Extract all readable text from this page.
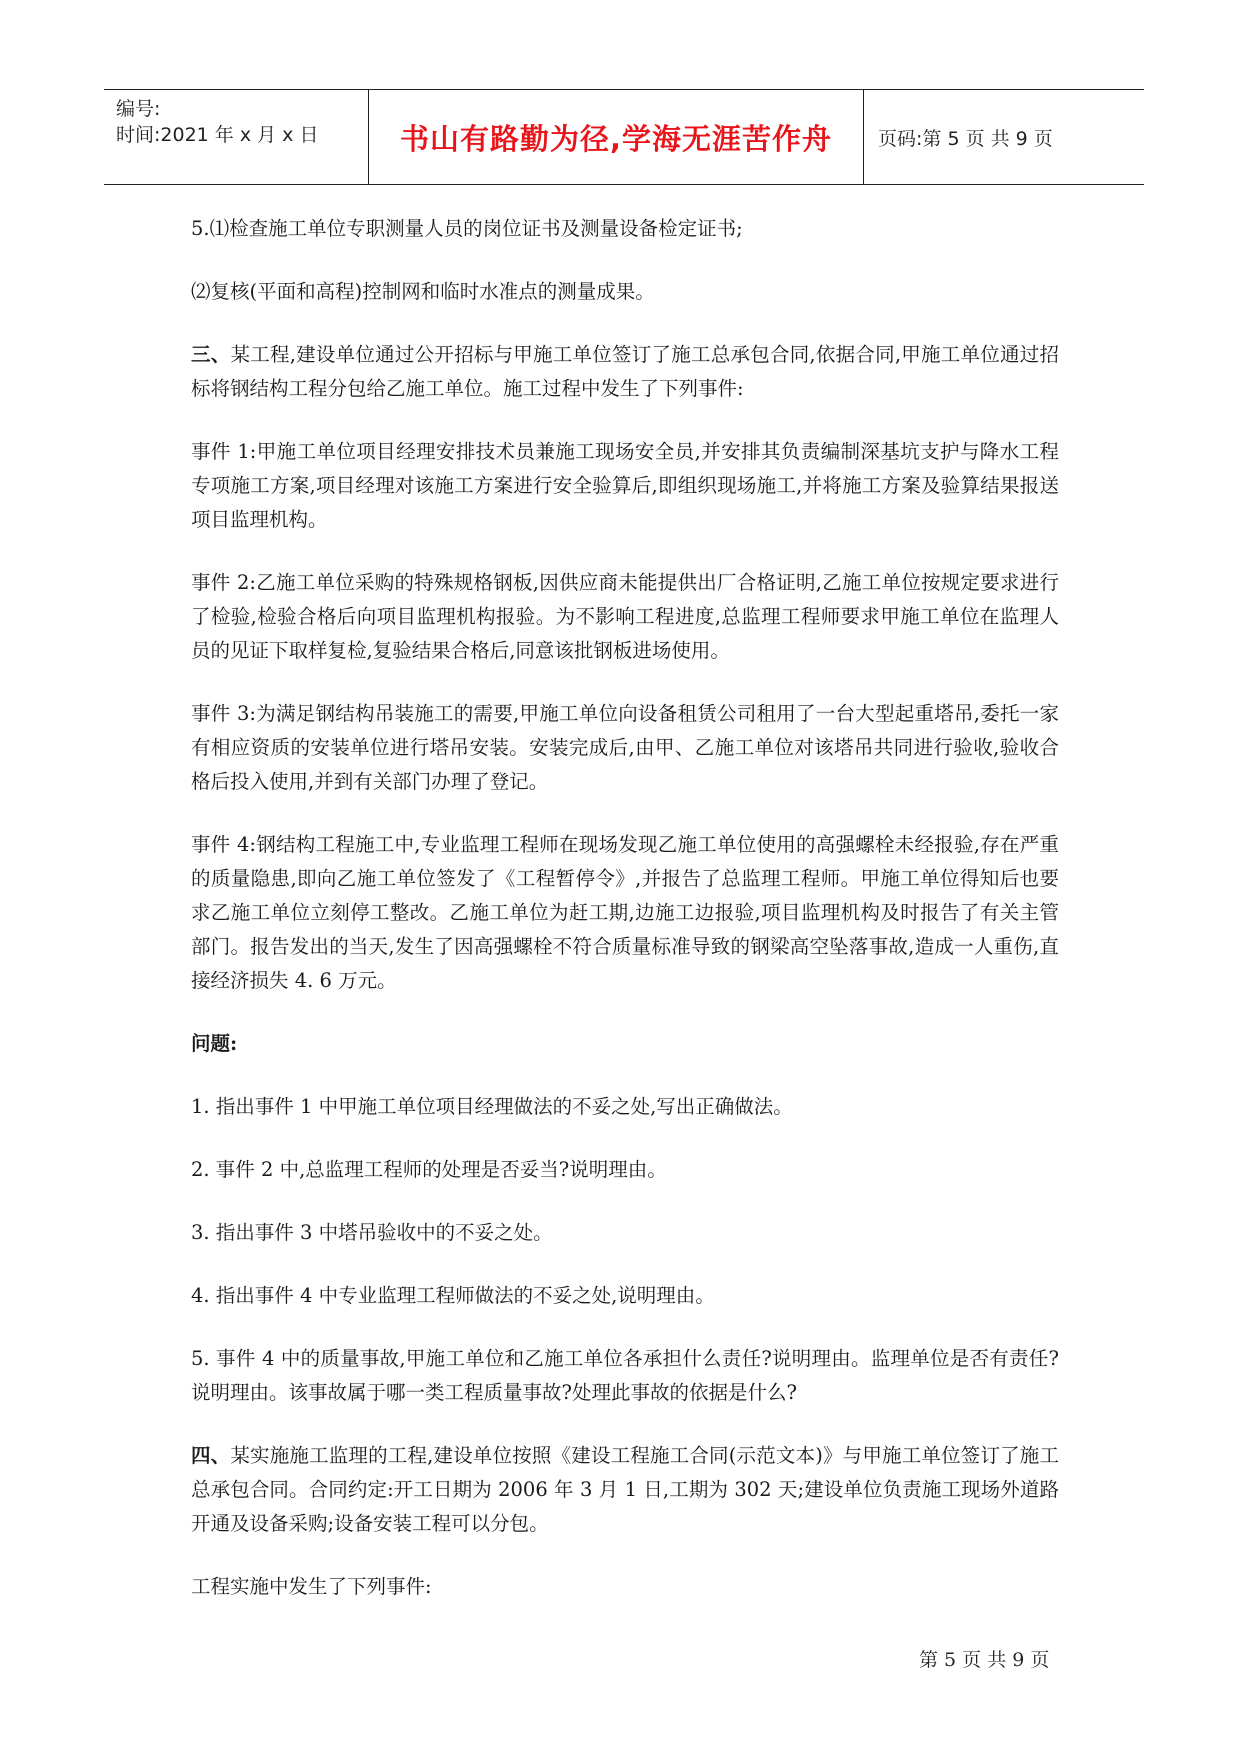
编号:
时间:2021 年 x 月 x 日	书山有路勤为径,学海无涯苦作舟 页码:第 5 页 共 9 页

5.⑴检查施工单位专职测量人员的岗位证书及测量设备检定证书;

⑵复核(平面和高程)控制网和临时水准点的测量成果。

三、某工程,建设单位通过公开招标与甲施工单位签订了施工总承包合同,依据合同,甲施工单位通过招标将钢结构工程分包给乙施工单位。施工过程中发生了下列事件:

事件 1:甲施工单位项目经理安排技术员兼施工现场安全员,并安排其负责编制深基坑支护与降水工程专项施工方案,项目经理对该施工方案进行安全验算后,即组织现场施工,并将施工方案及验算结果报送项目监理机构。

事件 2:乙施工单位采购的特殊规格钢板,因供应商未能提供出厂合格证明,乙施工单位按规定要求进行了检验,检验合格后向项目监理机构报验。为不影响工程进度,总监理工程师要求甲施工单位在监理人员的见证下取样复检,复验结果合格后,同意该批钢板进场使用。

事件 3:为满足钢结构吊装施工的需要,甲施工单位向设备租赁公司租用了一台大型起重塔吊,委托一家有相应资质的安装单位进行塔吊安装。安装完成后,由甲、乙施工单位对该塔吊共同进行验收,验收合格后投入使用,并到有关部门办理了登记。

事件 4:钢结构工程施工中,专业监理工程师在现场发现乙施工单位使用的高强螺栓未经报验,存在严重的质量隐患,即向乙施工单位签发了《工程暂停令》,并报告了总监理工程师。甲施工单位得知后也要求乙施工单位立刻停工整改。乙施工单位为赶工期,边施工边报验,项目监理机构及时报告了有关主管部门。报告发出的当天,发生了因高强螺栓不符合质量标准导致的钢梁高空坠落事故,造成一人重伤,直接经济损失 4. 6 万元。

问题:

1. 指出事件 1 中甲施工单位项目经理做法的不妥之处,写出正确做法。

2. 事件 2 中,总监理工程师的处理是否妥当?说明理由。

3. 指出事件 3 中塔吊验收中的不妥之处。

4. 指出事件 4 中专业监理工程师做法的不妥之处,说明理由。

5. 事件 4 中的质量事故,甲施工单位和乙施工单位各承担什么责任?说明理由。监理单位是否有责任?说明理由。该事故属于哪一类工程质量事故?处理此事故的依据是什么?

四、某实施施工监理的工程,建设单位按照《建设工程施工合同(示范文本)》与甲施工单位签订了施工总承包合同。合同约定:开工日期为 2006 年 3 月 1 日,工期为 302 天;建设单位负责施工现场外道路开通及设备采购;设备安装工程可以分包。

工程实施中发生了下列事件:

第 5 页 共 9 页
